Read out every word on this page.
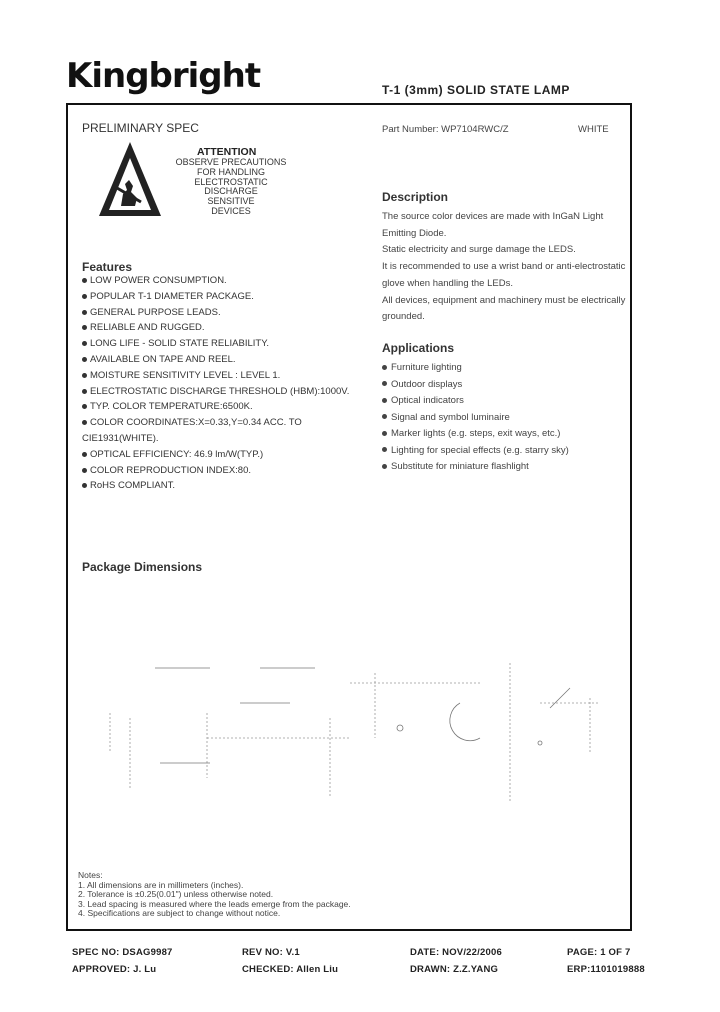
Kingbright	T-1 (3mm) SOLID STATE LAMP
PRELIMINARY SPEC	Part Number: WP7104RWC/Z	WHITE
ATTENTION
OBSERVE PRECAUTIONS
FOR HANDLING
ELECTROSTATIC
DISCHARGE
SENSITIVE
DEVICES
Features
LOW POWER CONSUMPTION.
POPULAR T-1 DIAMETER PACKAGE.
GENERAL PURPOSE LEADS.
RELIABLE AND RUGGED.
LONG LIFE - SOLID STATE RELIABILITY.
AVAILABLE ON TAPE AND REEL.
MOISTURE SENSITIVITY LEVEL : LEVEL 1.
ELECTROSTATIC DISCHARGE THRESHOLD (HBM):1000V.
TYP. COLOR TEMPERATURE:6500K.
COLOR COORDINATES:X=0.33,Y=0.34 ACC. TO
CIE1931(WHITE).
OPTICAL EFFICIENCY: 46.9 lm/W(TYP.)
COLOR REPRODUCTION INDEX:80.
RoHS COMPLIANT.
Description
The source color devices are made with InGaN Light
Emitting Diode.
Static electricity and surge damage the LEDS.
It is recommended to use a wrist band or anti-electrostatic
glove when handling the LEDs.
All devices, equipment and machinery must be electrically
grounded.
Applications
Furniture lighting
Outdoor displays
Optical indicators
Signal and symbol luminaire
Marker lights (e.g. steps, exit ways, etc.)
Lighting for special effects (e.g. starry sky)
Substitute for miniature flashlight
Package Dimensions
Notes:
1. All dimensions are in millimeters (inches).
2. Tolerance is ±0.25(0.01") unless otherwise noted.
3. Lead spacing is measured where the leads emerge from the package.
4. Specifications are subject to change without notice.
SPEC NO: DSAG9987	REV NO: V.1	DATE: NOV/22/2006	PAGE: 1 OF 7
APPROVED: J. Lu	CHECKED: Allen Liu	DRAWN: Z.Z.YANG	ERP:1101019888
